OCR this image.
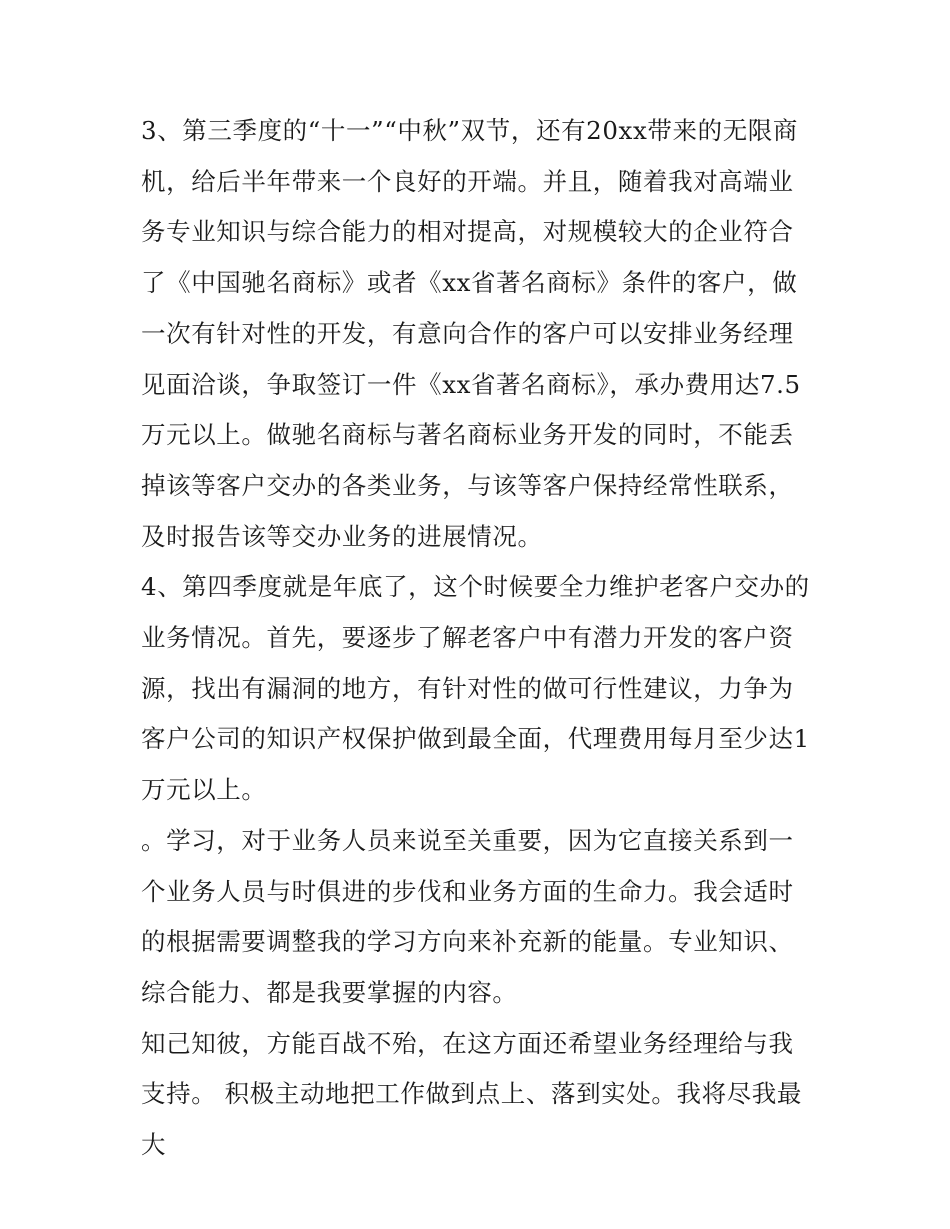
3、第三季度的“十一”“中秋”双节，还有20xx带来的无限商机，给后半年带来一个良好的开端。并且，随着我对高端业务专业知识与综合能力的相对提高，对规模较大的企业符合了《中国驰名商标》或者《xx省著名商标》条件的客户，做一次有针对性的开发，有意向合作的客户可以安排业务经理见面洽谈，争取签订一件《xx省著名商标》，承办费用达7.5万元以上。做驰名商标与著名商标业务开发的同时，不能丢掉该等客户交办的各类业务，与该等客户保持经常性联系，及时报告该等交办业务的进展情况。

4、第四季度就是年底了，这个时候要全力维护老客户交办的业务情况。首先，要逐步了解老客户中有潜力开发的客户资源，找出有漏洞的地方，有针对性的做可行性建议，力争为客户公司的知识产权保护做到最全面，代理费用每月至少达1万元以上。

。学习，对于业务人员来说至关重要，因为它直接关系到一个业务人员与时俱进的步伐和业务方面的生命力。我会适时的根据需要调整我的学习方向来补充新的能量。专业知识、综合能力、都是我要掌握的内容。

知己知彼，方能百战不殆，在这方面还希望业务经理给与我支持。 积极主动地把工作做到点上、落到实处。我将尽我最大
